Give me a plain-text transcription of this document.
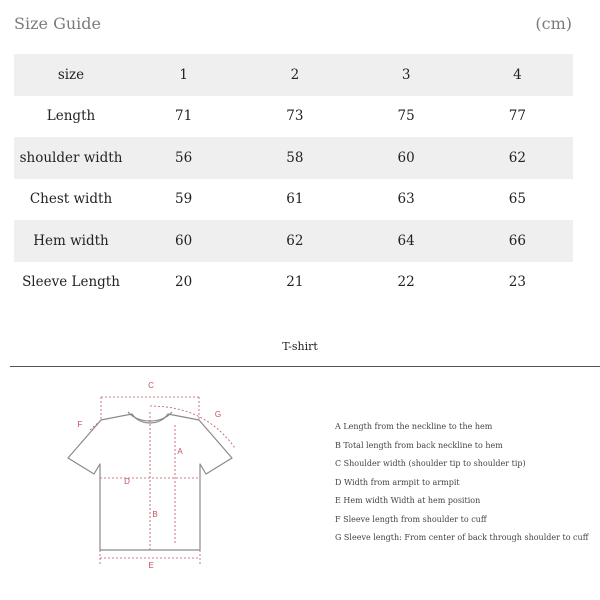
Size Guide	(cm)
size	1	2	3	4
Length	71	73	75	77
shoulder width	56	58	60	62
Chest width	59	61	63	65
Hem width	60	62	64	66
Sleeve Length	20	21	22	23
T-shirt
C
F
G
A
D
B
E
A Length from the neckline to the hem
B Total length from back neckline to hem
C Shoulder width (shoulder tip to shoulder tip)
D Width from armpit to armpit
E Hem width Width at hem position
F Sleeve length from shoulder to cuff
G Sleeve length: From center of back through shoulder to cuff
